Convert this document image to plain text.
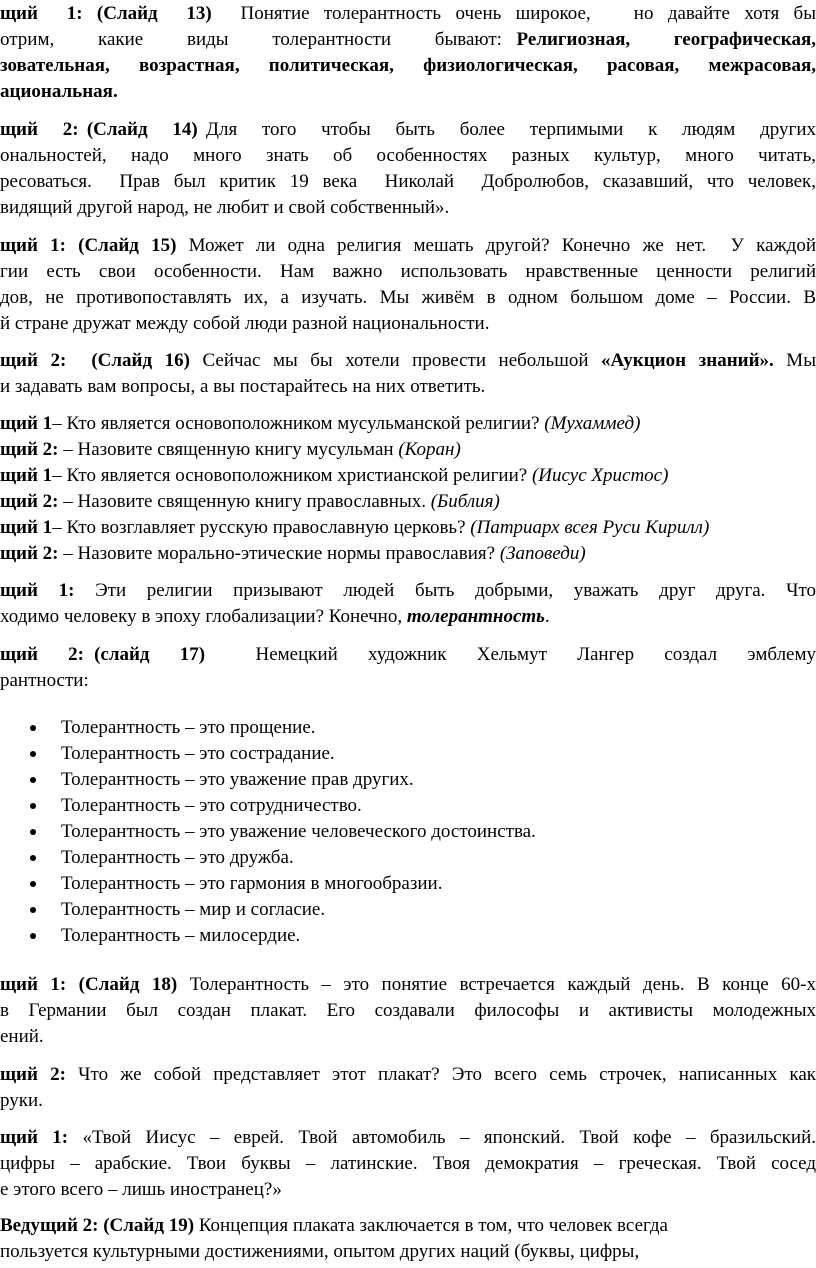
щий  1: (Слайд  13)  Понятие толерантность очень широкое,   но давайте хотя бы
отрим,   какие   виды   толерантности   бывают: Религиозная,   географическая,
зовательная, возрастная, политическая, физиологическая, расовая, межрасовая,
ациональная.
щий   2: (Слайд   14) Для   того   чтобы   быть   более   терпимыми   к   людям   других
ональностей,  надо  много  знать  об  особенностях  разных  культур,  много  читать,
ресоваться.  Прав был критик 19 века  Николай  Добролюбов, сказавший, что человек,
видящий другой народ, не любит и свой собственный».
щий 1: (Слайд 15) Может ли одна религия мешать другой? Конечно же нет.  У каждой
гии  есть  свои  особенности.  Нам  важно  использовать  нравственные  ценности  религий
дов, не противопоставлять их, а изучать. Мы живём в одном большом доме – России. В
й стране дружат между собой люди разной национальности.
щий 2:  (Слайд 16) Сейчас мы бы хотели провести небольшой «Аукцион знаний». Мы
и задавать вам вопросы, а вы постарайтесь на них ответить.
щий 1– Кто является основоположником мусульманской религии? (Мухаммед)
щий 2: – Назовите священную книгу мусульман (Коран)
щий 1– Кто является основоположником христианской религии? (Иисус Христос)
щий 2: – Назовите священную книгу православных. (Библия)
щий 1– Кто возглавляет русскую православную церковь? (Патриарх всея Руси Кирилл)
щий 2: – Назовите морально-этические нормы православия? (Заповеди)
щий   1:   Эти   религии   призывают   людей   быть   добрыми,   уважать   друг   друга.   Что
ходимо человеку в эпоху глобализации? Конечно, толерантность.
щий   2: (слайд   17)     Немецкий   художник   Хельмут   Лангер   создал   эмблему
рантности:
Толерантность – это прощение.
Толерантность – это сострадание.
Толерантность – это уважение прав других.
Толерантность – это сотрудничество.
Толерантность – это уважение человеческого достоинства.
Толерантность – это дружба.
Толерантность – это гармония в многообразии.
Толерантность – мир и согласие.
Толерантность – милосердие.
щий 1: (Слайд 18) Толерантность – это понятие встречается каждый день. В конце 60-х
в  Германии  был  создан  плакат.  Его  создавали  философы  и  активисты  молодежных
ений.
щий 2: Что же собой представляет этот плакат? Это всего семь строчек, написанных как
руки.
щий  1:  «Твой  Иисус  –  еврей.  Твой  автомобиль  –  японский.  Твой  кофе  –  бразильский.
цифры  –  арабские.  Твои  буквы  –  латинские.  Твоя  демократия  –  греческая.  Твой  сосед
е этого всего – лишь иностранец?»
Ведущий 2: (Слайд 19) Концепция плаката заключается в том, что человек всегда
пользуется культурными достижениями, опытом других наций (буквы, цифры,
